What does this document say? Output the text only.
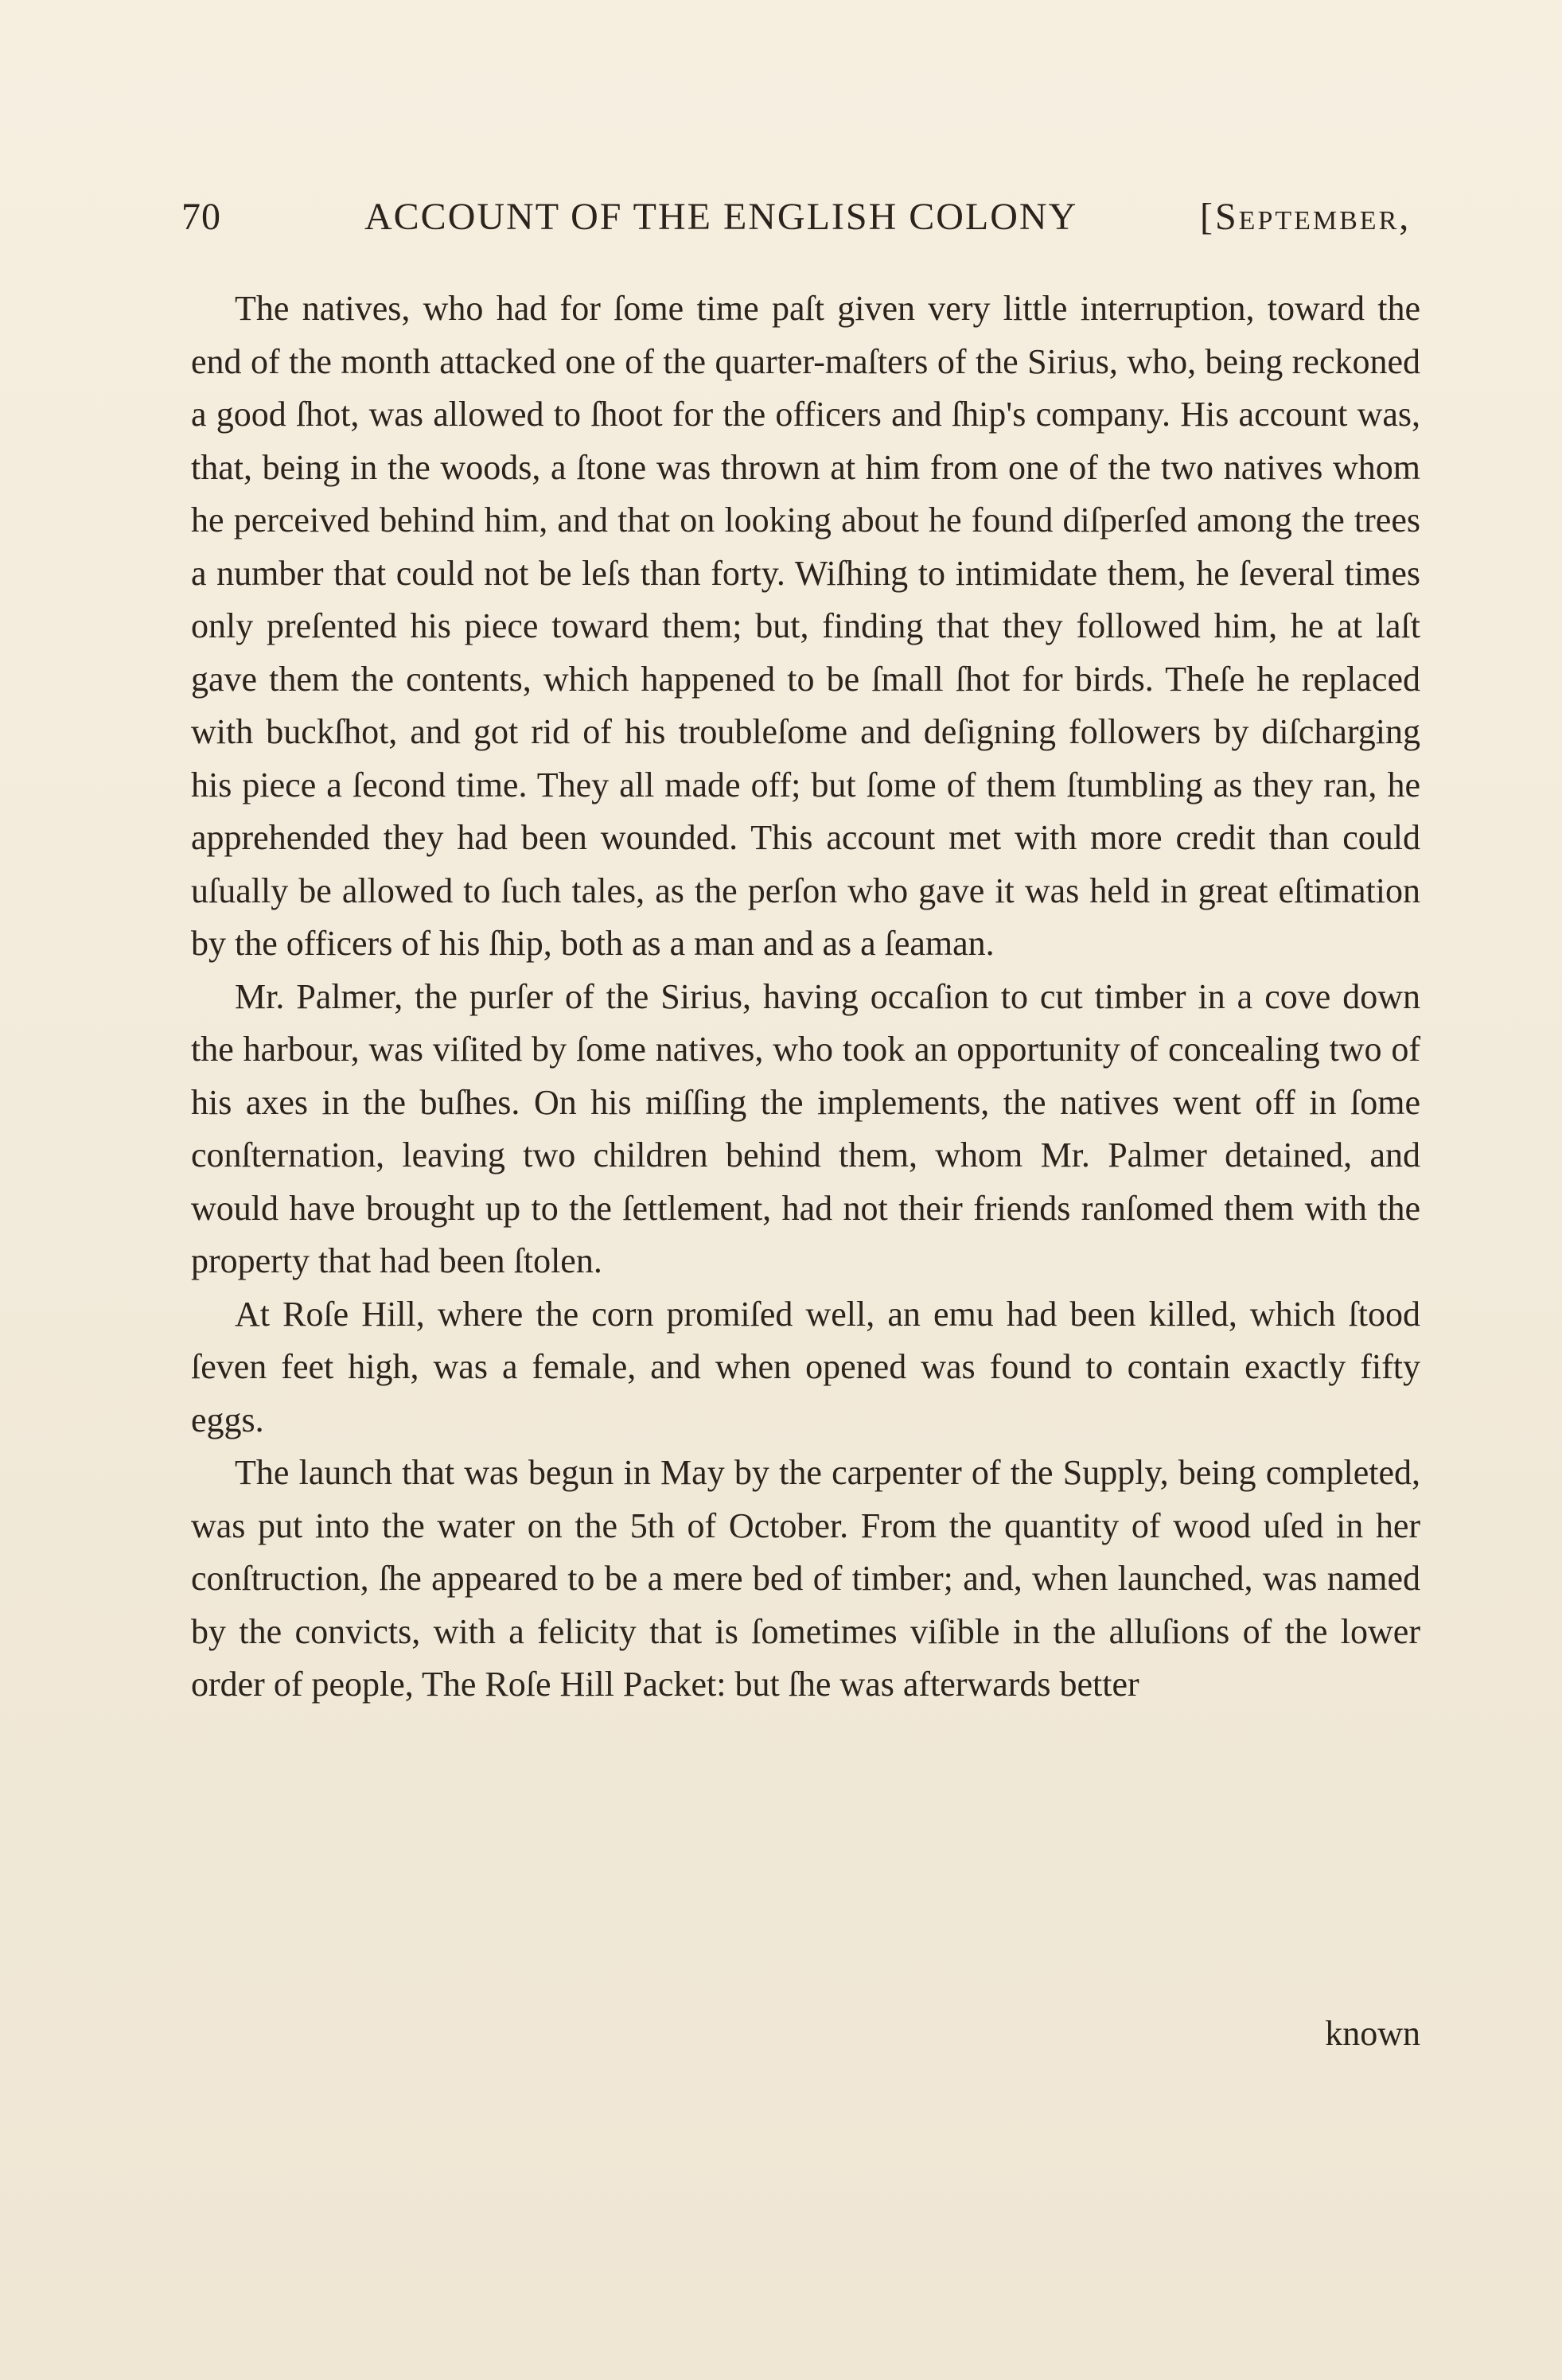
70	ACCOUNT OF THE ENGLISH COLONY	[September,

The natives, who had for ſome time paſt given very little interruption, toward the end of the month attacked one of the quarter-maſters of the Sirius, who, being reckoned a good ſhot, was allowed to ſhoot for the officers and ſhip's company. His account was, that, being in the woods, a ſtone was thrown at him from one of the two natives whom he perceived behind him, and that on looking about he found diſperſed among the trees a number that could not be leſs than forty. Wiſhing to intimidate them, he ſeveral times only preſented his piece toward them; but, finding that they followed him, he at laſt gave them the contents, which happened to be ſmall ſhot for birds. Theſe he replaced with buckſhot, and got rid of his troubleſome and deſigning followers by diſcharging his piece a ſecond time. They all made off; but ſome of them ſtumbling as they ran, he apprehended they had been wounded. This account met with more credit than could uſually be allowed to ſuch tales, as the perſon who gave it was held in great eſtimation by the officers of his ſhip, both as a man and as a ſeaman.

Mr. Palmer, the purſer of the Sirius, having occaſion to cut timber in a cove down the harbour, was viſited by ſome natives, who took an opportunity of concealing two of his axes in the buſhes. On his miſſing the implements, the natives went off in ſome conſternation, leaving two children behind them, whom Mr. Palmer detained, and would have brought up to the ſettlement, had not their friends ranſomed them with the property that had been ſtolen.

At Roſe Hill, where the corn promiſed well, an emu had been killed, which ſtood ſeven feet high, was a female, and when opened was found to contain exactly fifty eggs.

The launch that was begun in May by the carpenter of the Supply, being completed, was put into the water on the 5th of October. From the quantity of wood uſed in her conſtruction, ſhe appeared to be a mere bed of timber; and, when launched, was named by the convicts, with a felicity that is ſometimes viſible in the alluſions of the lower order of people, The Roſe Hill Packet: but ſhe was afterwards better

known
